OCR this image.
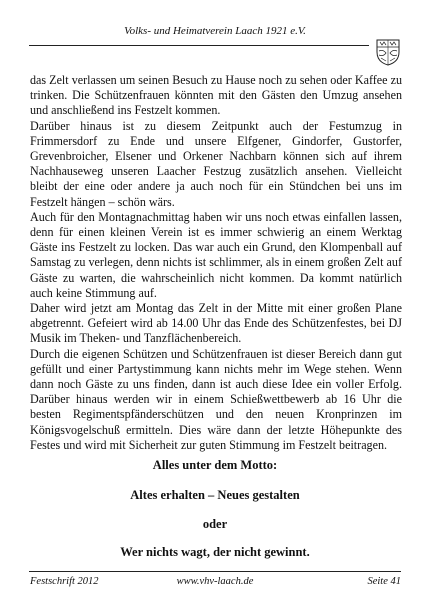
Volks- und Heimatverein Laach 1921 e.V.

das Zelt verlassen um seinen Besuch zu Hause noch zu sehen oder Kaffee zu trinken. Die Schützenfrauen könnten mit den Gästen den Umzug ansehen und anschließend ins Festzelt kommen.

Darüber hinaus ist zu diesem Zeitpunkt auch der Festumzug in Frimmersdorf zu Ende und unsere Elfgener, Gindorfer, Gustorfer, Grevenbroicher, Elsener und Orkener Nachbarn können sich auf ihrem Nachhauseweg unseren Laacher Festzug zusätzlich ansehen. Vielleicht bleibt der eine oder andere ja auch noch für ein Stündchen bei uns im Festzelt hängen – schön wärs.

Auch für den Montagnachmittag haben wir uns noch etwas einfallen lassen, denn für einen kleinen Verein ist es immer schwierig an einem Werktag Gäste ins Festzelt zu locken. Das war auch ein Grund, den Klompenball auf Samstag zu verlegen, denn nichts ist schlimmer, als in einem großen Zelt auf Gäste zu warten, die wahrscheinlich nicht kommen. Da kommt natürlich auch keine Stimmung auf.

Daher wird jetzt am Montag das Zelt in der Mitte mit einer großen Plane abgetrennt. Gefeiert wird ab 14.00 Uhr das Ende des Schützenfestes, bei DJ Musik im Theken- und Tanzflächenbereich.

Durch die eigenen Schützen und Schützenfrauen ist dieser Bereich dann gut gefüllt und einer Partystimmung kann nichts mehr im Wege stehen. Wenn dann noch Gäste zu uns finden, dann ist auch diese Idee ein voller Erfolg. Darüber hinaus werden wir in einem Schießwettbewerb ab 16 Uhr die besten Regimentspfänderschützen und den neuen Kronprinzen im Königsvogelschuß ermitteln. Dies wäre dann der letzte Höhepunkte des Festes und wird mit Sicherheit zur guten Stimmung im Festzelt beitragen.

Alles unter dem Motto:
Altes erhalten – Neues gestalten
oder
Wer nichts wagt, der nicht gewinnt.
Festschrift 2012	www.vhv-laach.de	Seite 41
